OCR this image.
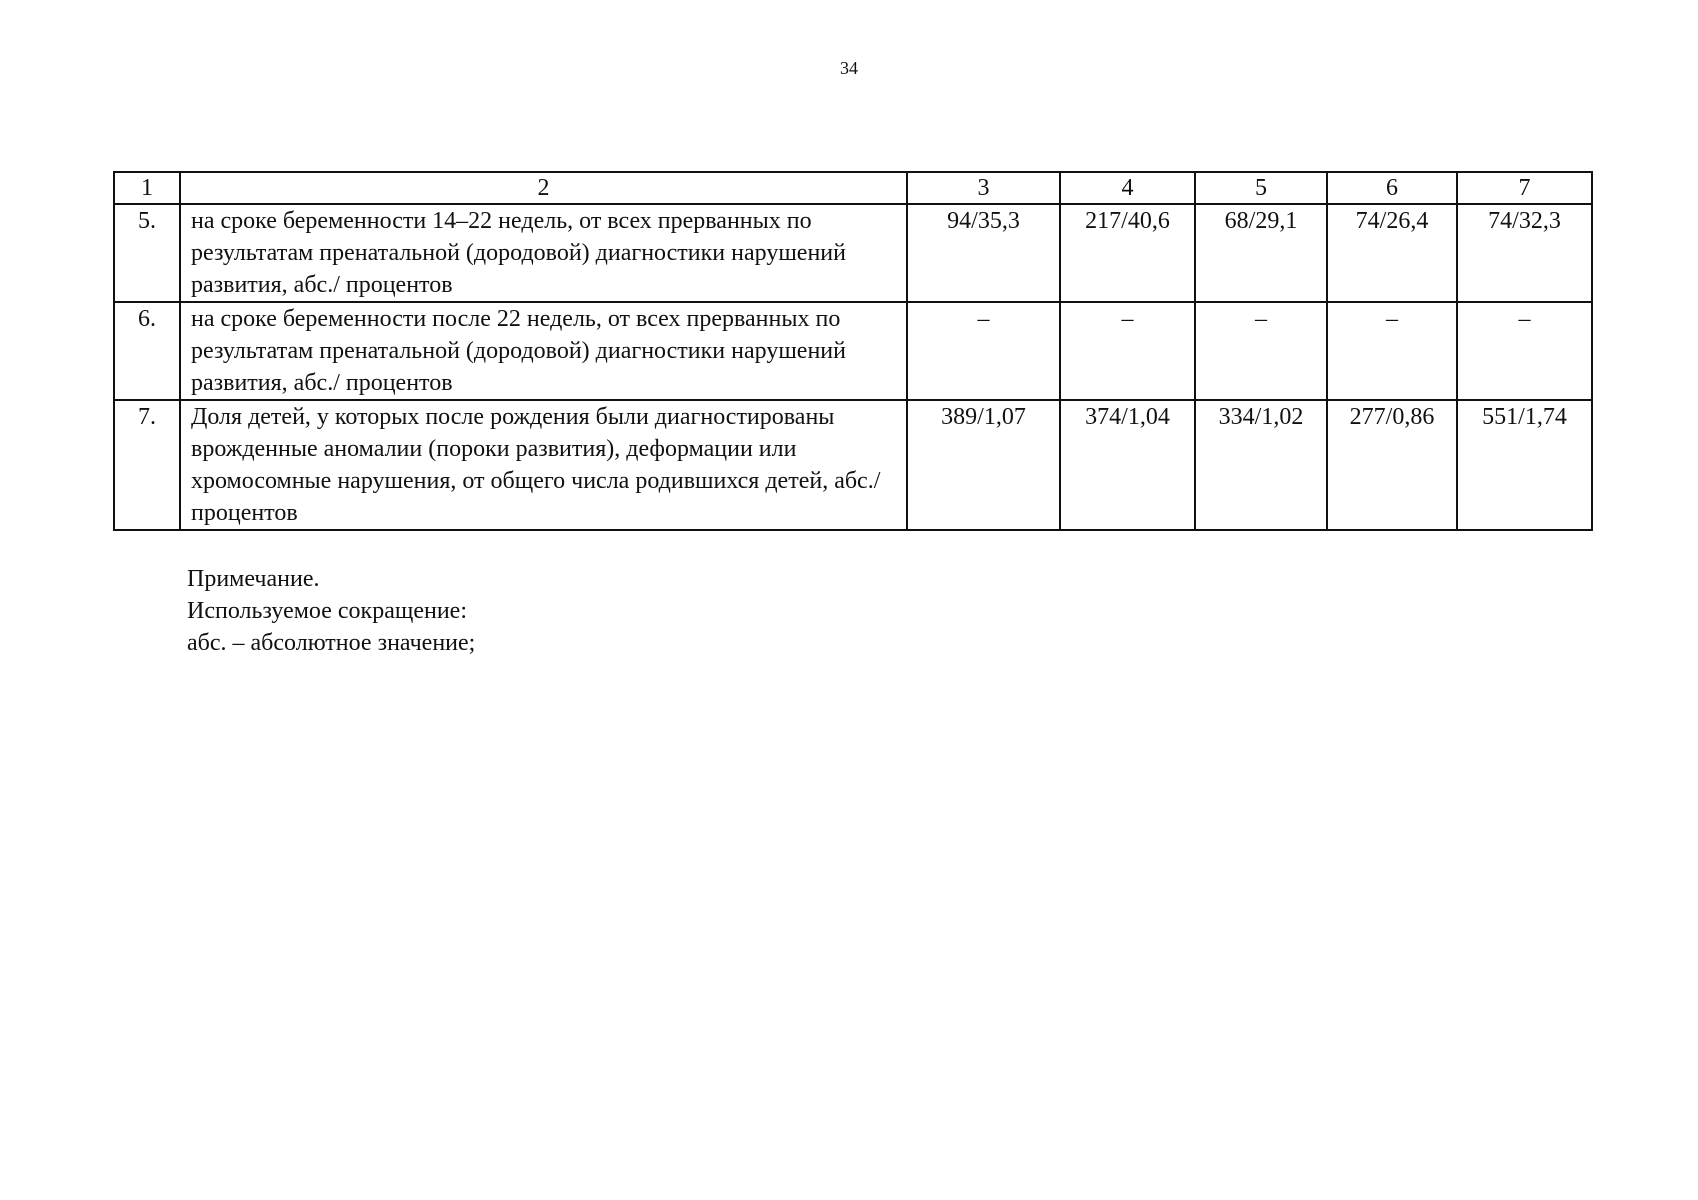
34
1	2	3	4	5	6	7
5.	на сроке беременности 14–22 недель, от всех прерванных по результатам пренатальной (дородовой) диагностики нарушений развития, абс./ процентов	94/35,3	217/40,6	68/29,1	74/26,4	74/32,3
6.	на сроке беременности после 22 недель, от всех прерванных по результатам пренатальной (дородовой) диагностики нарушений развития, абс./ процентов	–	–	–	–	–
7.	Доля детей, у которых после рождения были диагностированы врожденные аномалии (пороки развития), деформации или хромосомные нарушения, от общего числа родившихся детей, абс./ процентов	389/1,07	374/1,04	334/1,02	277/0,86	551/1,74
Примечание.
Используемое сокращение:
абс. – абсолютное значение;
